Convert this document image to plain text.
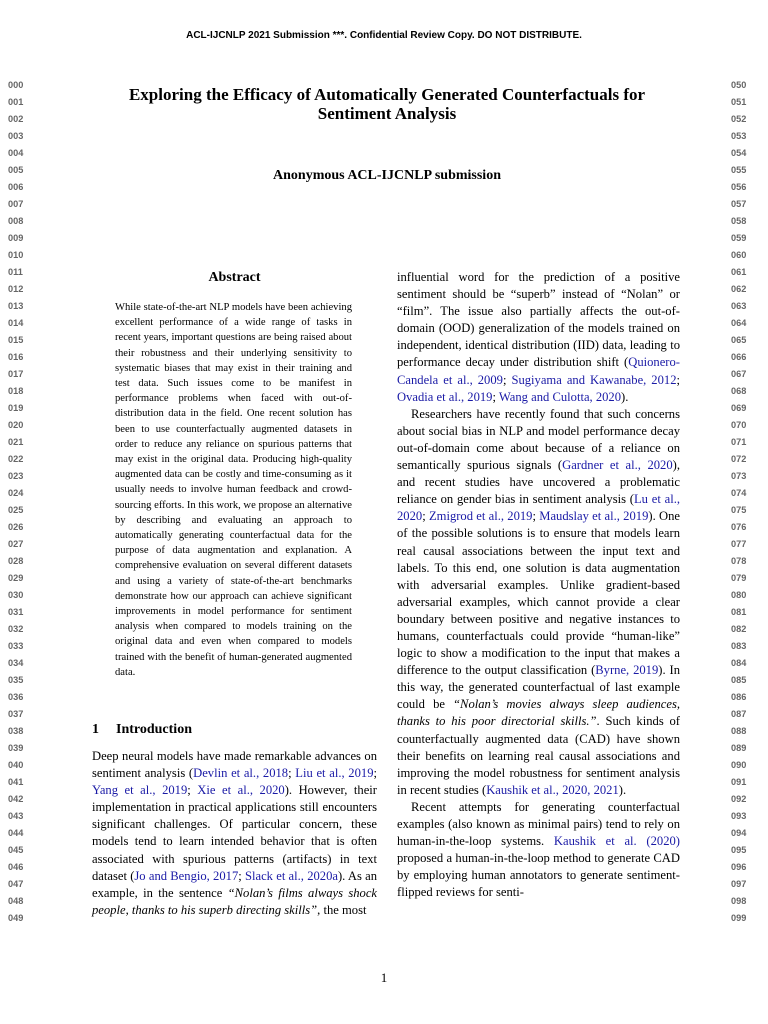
ACL-IJCNLP 2021 Submission ***. Confidential Review Copy. DO NOT DISTRIBUTE.
000
001
002
003
004
005
006
007
008
009
010
011
012
013
014
015
016
017
018
019
020
021
022
023
024
025
026
027
028
029
030
031
032
033
034
035
036
037
038
039
040
041
042
043
044
045
046
047
048
049
050
051
052
053
054
055
056
057
058
059
060
061
062
063
064
065
066
067
068
069
070
071
072
073
074
075
076
077
078
079
080
081
082
083
084
085
086
087
088
089
090
091
092
093
094
095
096
097
098
099
Exploring the Efficacy of Automatically Generated Counterfactuals for Sentiment Analysis
Anonymous ACL-IJCNLP submission
Abstract
While state-of-the-art NLP models have been achieving excellent performance of a wide range of tasks in recent years, important questions are being raised about their robustness and their underlying sensitivity to systematic biases that may exist in their training and test data. Such issues come to be manifest in performance problems when faced with out-of-distribution data in the field. One recent solution has been to use counterfactually augmented datasets in order to reduce any reliance on spurious patterns that may exist in the original data. Producing high-quality augmented data can be costly and time-consuming as it usually needs to involve human feedback and crowd-sourcing efforts. In this work, we propose an alternative by describing and evaluating an approach to automatically generating counterfactual data for the purpose of data augmentation and explanation. A comprehensive evaluation on several different datasets and using a variety of state-of-the-art benchmarks demonstrate how our approach can achieve significant improvements in model performance for sentiment analysis when compared to models training on the original data and even when compared to models trained with the benefit of human-generated augmented data.
1 Introduction

Deep neural models have made remarkable advances on sentiment analysis (Devlin et al., 2018; Liu et al., 2019; Yang et al., 2019; Xie et al., 2020). However, their implementation in practical applications still encounters significant challenges. Of particular concern, these models tend to learn intended behavior that is often associated with spurious patterns (artifacts) in text dataset (Jo and Bengio, 2017; Slack et al., 2020a). As an example, in the sentence “Nolan’s films always shock people, thanks to his superb directing skills”, the most

influential word for the prediction of a positive sentiment should be “superb” instead of “Nolan” or “film”. The issue also partially affects the out-of-domain (OOD) generalization of the models trained on independent, identical distribution (IID) data, leading to performance decay under distribution shift (Quionero-Candela et al., 2009; Sugiyama and Kawanabe, 2012; Ovadia et al., 2019; Wang and Culotta, 2020).

Researchers have recently found that such concerns about social bias in NLP and model performance decay out-of-domain come about because of a reliance on semantically spurious signals (Gardner et al., 2020), and recent studies have uncovered a problematic reliance on gender bias in sentiment analysis (Lu et al., 2020; Zmigrod et al., 2019; Maudslay et al., 2019). One of the possible solutions is to ensure that models learn real causal associations between the input text and labels. To this end, one solution is data augmentation with adversarial examples. Unlike gradient-based adversarial examples, which cannot provide a clear boundary between positive and negative instances to humans, counterfactuals could provide “human-like” logic to show a modification to the input that makes a difference to the output classification (Byrne, 2019). In this way, the generated counterfactual of last example could be “Nolan’s movies always sleep audiences, thanks to his poor directorial skills.”. Such kinds of counterfactually augmented data (CAD) have shown their benefits on learning real causal associations and improving the model robustness for sentiment analysis in recent studies (Kaushik et al., 2020, 2021).

Recent attempts for generating counterfactual examples (also known as minimal pairs) tend to rely on human-in-the-loop systems. Kaushik et al. (2020) proposed a human-in-the-loop method to generate CAD by employing human annotators to generate sentiment-flipped reviews for senti-

1
